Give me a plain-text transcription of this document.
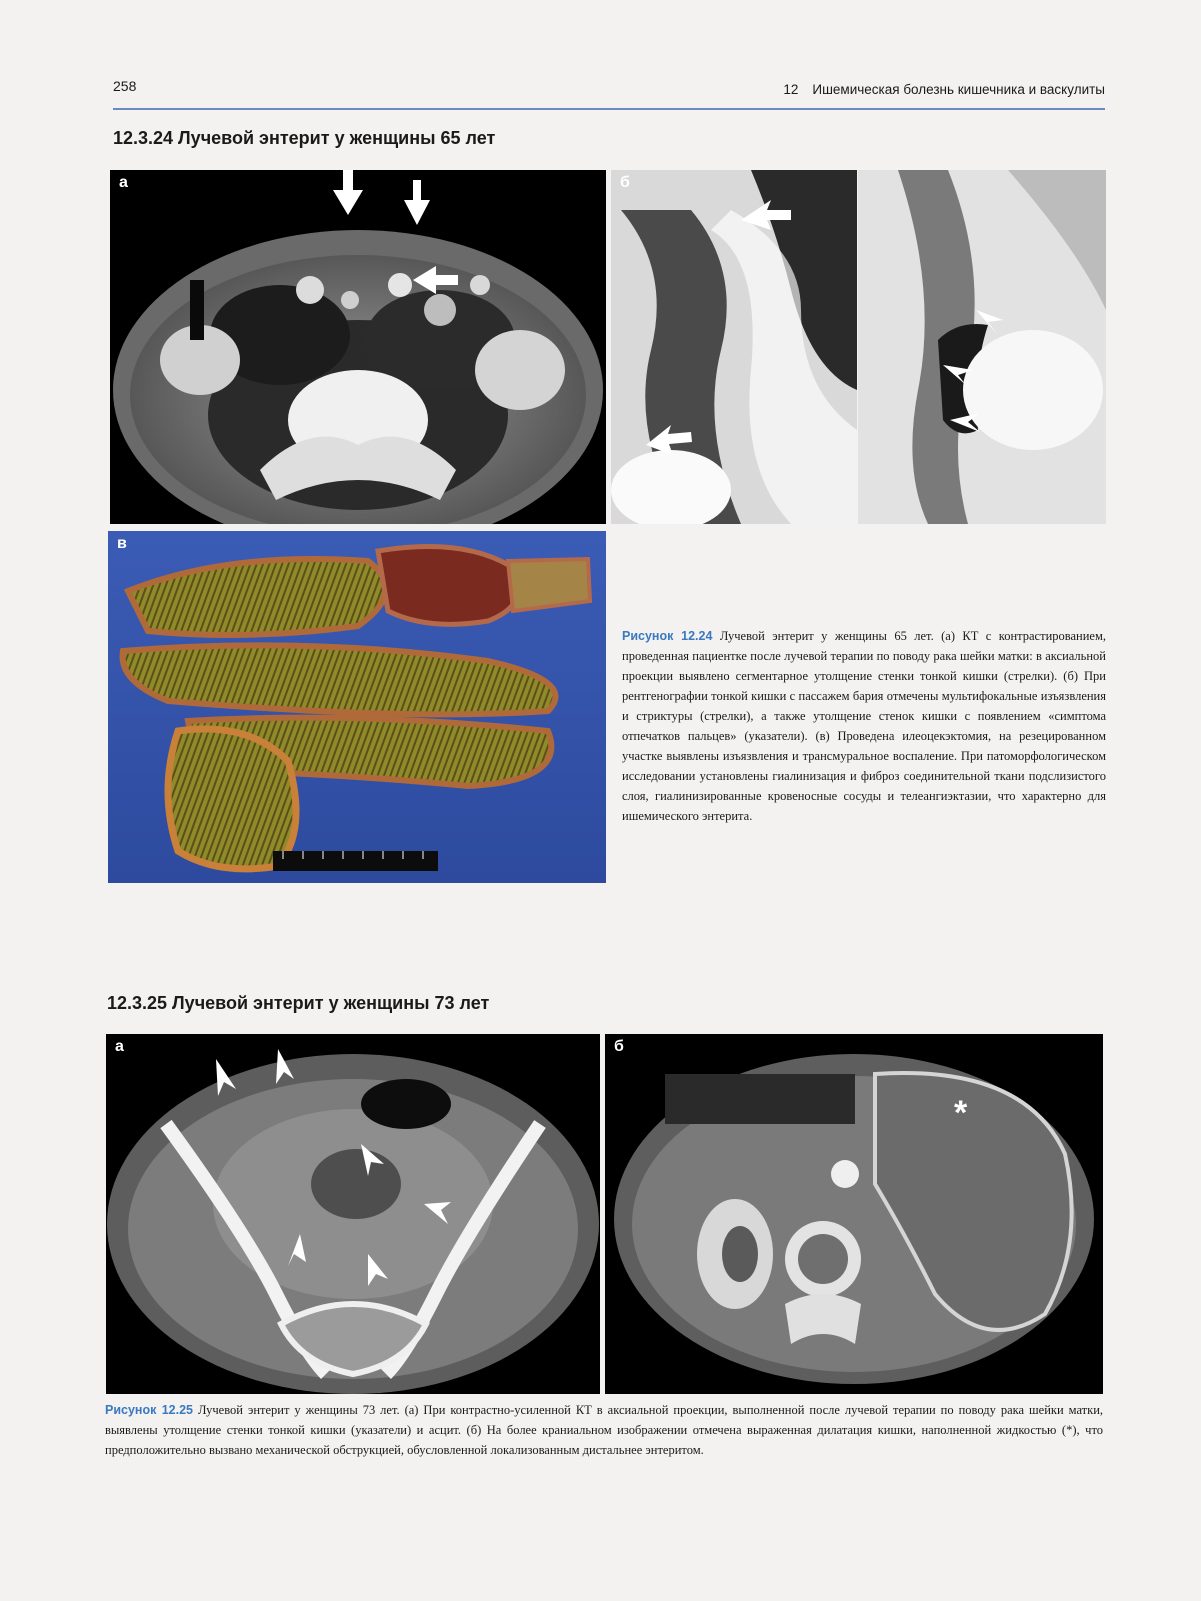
258	12 Ишемическая болезнь кишечника и васкулиты
12.3.24 Лучевой энтерит у женщины 65 лет
а	б
в
Рисунок 12.24 Лучевой энтерит у женщины 65 лет. (а) КТ с контрастированием, проведенная пациентке после лучевой терапии по поводу рака шейки матки: в аксиальной проекции выявлено сегментарное утолщение стенки тонкой кишки (стрелки). (б) При рентгенографии тонкой кишки с пассажем бария отмечены мультифокальные изъязвления и стриктуры (стрелки), а также утолщение стенок кишки с появлением «симптома отпечатков пальцев» (указатели). (в) Проведена илеоцекэктомия, на резецированном участке выявлены изъязвления и трансмуральное воспаление. При патоморфологическом исследовании установлены гиалинизация и фиброз соединительной ткани подслизистого слоя, гиалинизированные кровеносные сосуды и телеангиэктазии, что характерно для ишемического энтерита.
12.3.25 Лучевой энтерит у женщины 73 лет
а	б
*
Рисунок 12.25 Лучевой энтерит у женщины 73 лет. (а) При контрастно-усиленной КТ в аксиальной проекции, выполненной после лучевой терапии по поводу рака шейки матки, выявлены утолщение стенки тонкой кишки (указатели) и асцит. (б) На более краниальном изображении отмечена выраженная дилатация кишки, наполненной жидкостью (*), что предположительно вызвано механической обструкцией, обусловленной локализованным дистальнее энтеритом.
